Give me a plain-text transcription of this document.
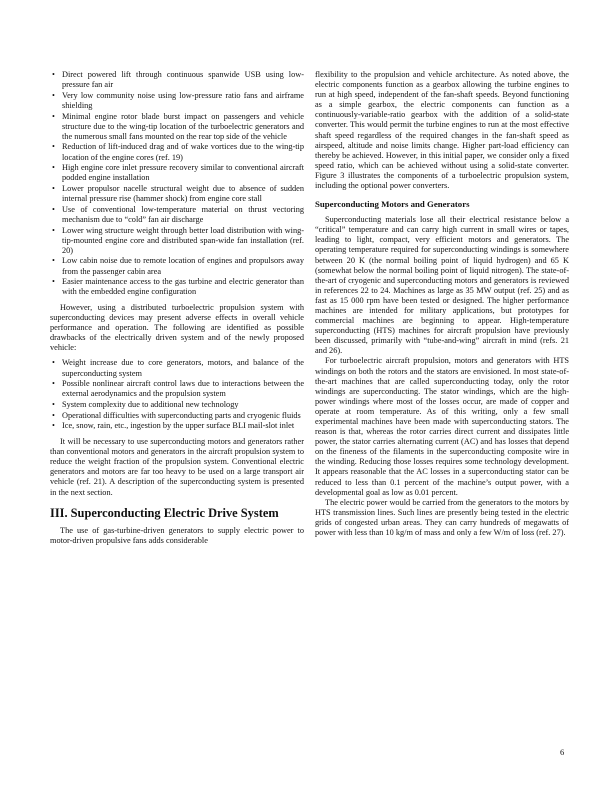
• Direct powered lift through continuous spanwide USB using low-pressure fan air
• Very low community noise using low-pressure ratio fans and airframe shielding
• Minimal engine rotor blade burst impact on passengers and vehicle structure due to the wing-tip location of the turboelectric generators and the numerous small fans mounted on the rear top side of the vehicle
• Reduction of lift-induced drag and of wake vortices due to the wing-tip location of the engine cores (ref. 19)
• High engine core inlet pressure recovery similar to conventional aircraft podded engine installation
• Lower propulsor nacelle structural weight due to absence of sudden internal pressure rise (hammer shock) from engine core stall
• Use of conventional low-temperature material on thrust vectoring mechanism due to “cold” fan air discharge
• Lower wing structure weight through better load distribution with wing-tip-mounted engine core and distributed span-wide fan installation (ref. 20)
• Low cabin noise due to remote location of engines and propulsors away from the passenger cabin area
• Easier maintenance access to the gas turbine and electric generator than with the embedded engine configuration

However, using a distributed turboelectric propulsion system with superconducting devices may present adverse effects in overall vehicle performance and operation. The following are identified as possible drawbacks of the electrically driven system and of the newly proposed vehicle:

• Weight increase due to core generators, motors, and balance of the superconducting system
• Possible nonlinear aircraft control laws due to interactions between the external aerodynamics and the propulsion system
• System complexity due to additional new technology
• Operational difficulties with superconducting parts and cryogenic fluids
• Ice, snow, rain, etc., ingestion by the upper surface BLI mail-slot inlet

It will be necessary to use superconducting motors and generators rather than conventional motors and generators in the aircraft propulsion system to reduce the weight fraction of the propulsion system. Conventional electric generators and motors are far too heavy to be used on a large transport air vehicle (ref. 21). A description of the superconducting system is presented in the next section.

III. Superconducting Electric Drive System

The use of gas-turbine-driven generators to supply electric power to motor-driven propulsive fans adds considerable

flexibility to the propulsion and vehicle architecture. As noted above, the electric components function as a gearbox allowing the turbine engines to run at high speed, independent of the fan-shaft speeds. Beyond functioning as a simple gearbox, the electric components can function as a continuously-variable-ratio gearbox with the addition of a solid-state converter. This would permit the turbine engines to run at the most effective shaft speed regardless of the required changes in the fan-shaft speed as airspeed, altitude and noise limits change. Higher part-load efficiency can thereby be achieved. However, in this initial paper, we consider only a fixed speed ratio, which can be achieved without using a solid-state converter. Figure 3 illustrates the components of a turboelectric propulsion system, including the optional power converters.

Superconducting Motors and Generators

Superconducting materials lose all their electrical resistance below a “critical” temperature and can carry high current in small wires or tapes, leading to light, compact, very efficient motors and generators. The operating temperature required for superconducting windings is somewhere between 20 K (the normal boiling point of liquid hydrogen) and 65 K (somewhat below the normal boiling point of liquid nitrogen). The state-of-the-art of cryogenic and superconducting motors and generators is reviewed in references 22 to 24. Machines as large as 35 MW output (ref. 25) and as fast as 15 000 rpm have been tested or designed. The higher performance machines are intended for military applications, but prototypes for commercial machines are beginning to appear. High-temperature superconducting (HTS) machines for aircraft propulsion have previously been discussed, primarily with “tube-and-wing” aircraft in mind (refs. 21 and 26).

For turboelectric aircraft propulsion, motors and generators with HTS windings on both the rotors and the stators are envisioned. In most state-of-the-art machines that are called superconducting today, only the rotor windings are superconducting. The stator windings, which are the high-power windings where most of the losses occur, are made of copper and operate at room temperature. As of this writing, only a few small experimental machines have been made with superconducting stators. The reason is that, whereas the rotor carries direct current and dissipates little power, the stator carries alternating current (AC) and has losses that depend on the fineness of the filaments in the superconducting composite wire in the winding. Reducing those losses requires some technology development. It appears reasonable that the AC losses in a superconducting stator can be reduced to less than 0.1 percent of the machine’s output power, with a developmental goal as low as 0.01 percent.

The electric power would be carried from the generators to the motors by HTS transmission lines. Such lines are presently being tested in the electric grids of congested urban areas. They can carry hundreds of megawatts of power with less than 10 kg/m of mass and only a few W/m of loss (ref. 27).

6
